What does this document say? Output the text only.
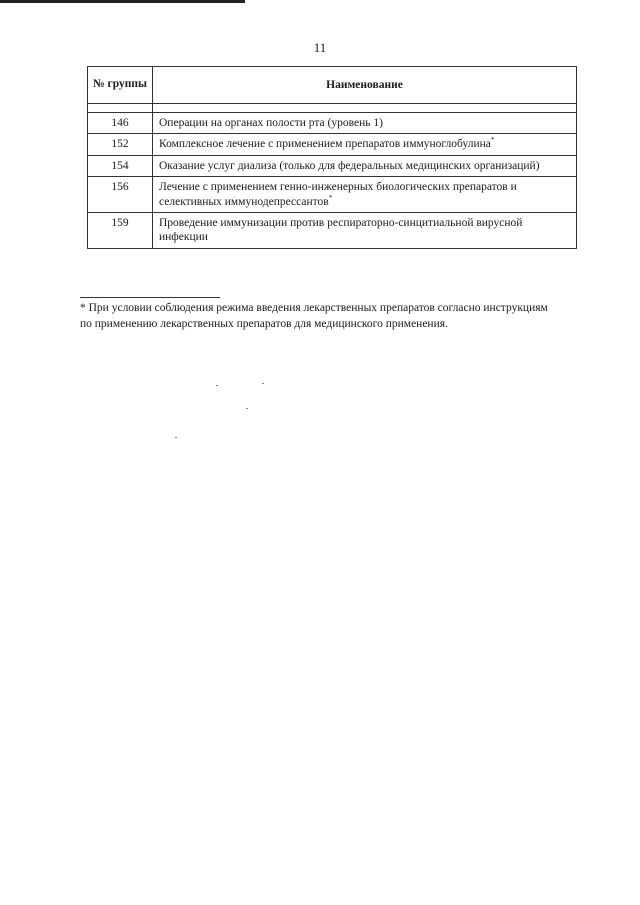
11
№ группы	Наименование

146	Операции на органах полости рта (уровень 1)
152	Комплексное лечение с применением препаратов иммуноглобулина*
154	Оказание услуг диализа (только для федеральных медицинских организаций)
156	Лечение с применением генно-инженерных биологических препаратов и селективных иммунодепрессантов*
159	Проведение иммунизации против респираторно-синцитиальной вирусной инфекции
* При условии соблюдения режима введения лекарственных препаратов согласно инструкциям по применению лекарственных препаратов для медицинского применения.
